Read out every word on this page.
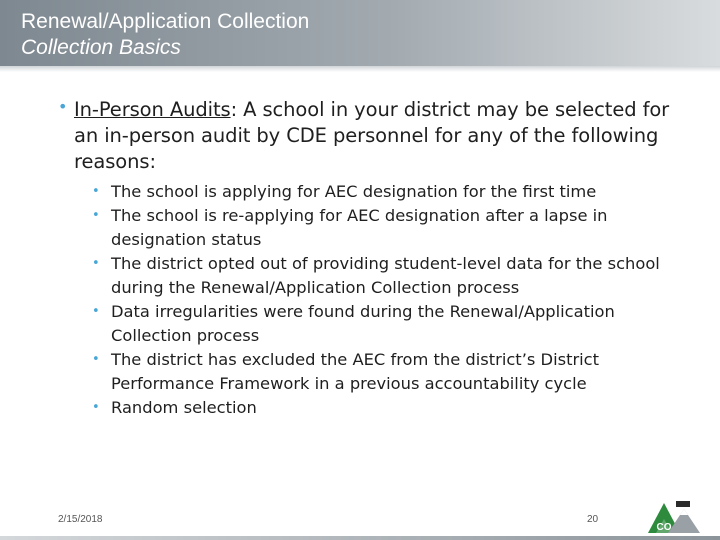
Renewal/Application Collection
Collection Basics
• In-Person Audits: A school in your district may be selected for an in-person audit by CDE personnel for any of the following reasons:
• The school is applying for AEC designation for the first time
• The school is re-applying for AEC designation after a lapse in designation status
• The district opted out of providing student-level data for the school during the Renewal/Application Collection process
• Data irregularities were found during the Renewal/Application Collection process
• The district has excluded the AEC from the district’s District Performance Framework in a previous accountability cycle
• Random selection
2/15/2018	20
CO
